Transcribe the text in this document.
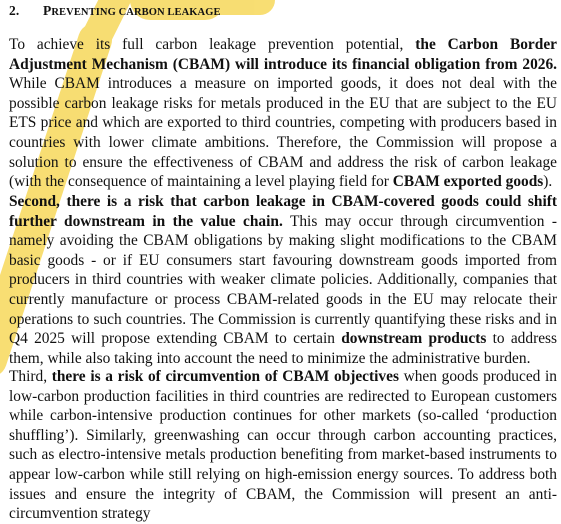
2. PREVENTING CARBON LEAKAGE

To achieve its full carbon leakage prevention potential, the Carbon Border Adjustment Mechanism (CBAM) will introduce its financial obligation from 2026. While CBAM introduces a measure on imported goods, it does not deal with the possible carbon leakage risks for metals produced in the EU that are subject to the EU ETS price and which are exported to third countries, competing with producers based in countries with lower climate ambitions. Therefore, the Commission will propose a solution to ensure the effectiveness of CBAM and address the risk of carbon leakage (with the consequence of maintaining a level playing field for CBAM exported goods).

Second, there is a risk that carbon leakage in CBAM-covered goods could shift further downstream in the value chain. This may occur through circumvention - namely avoiding the CBAM obligations by making slight modifications to the CBAM basic goods - or if EU consumers start favouring downstream goods imported from producers in third countries with weaker climate policies. Additionally, companies that currently manufacture or process CBAM-related goods in the EU may relocate their operations to such countries. The Commission is currently quantifying these risks and in Q4 2025 will propose extending CBAM to certain downstream products to address them, while also taking into account the need to minimize the administrative burden.

Third, there is a risk of circumvention of CBAM objectives when goods produced in low-carbon production facilities in third countries are redirected to European customers while carbon-intensive production continues for other markets (so-called ‘production shuffling’). Similarly, greenwashing can occur through carbon accounting practices, such as electro-intensive metals production benefiting from market-based instruments to appear low-carbon while still relying on high-emission energy sources. To address both issues and ensure the integrity of CBAM, the Commission will present an anti-circumvention strategy
